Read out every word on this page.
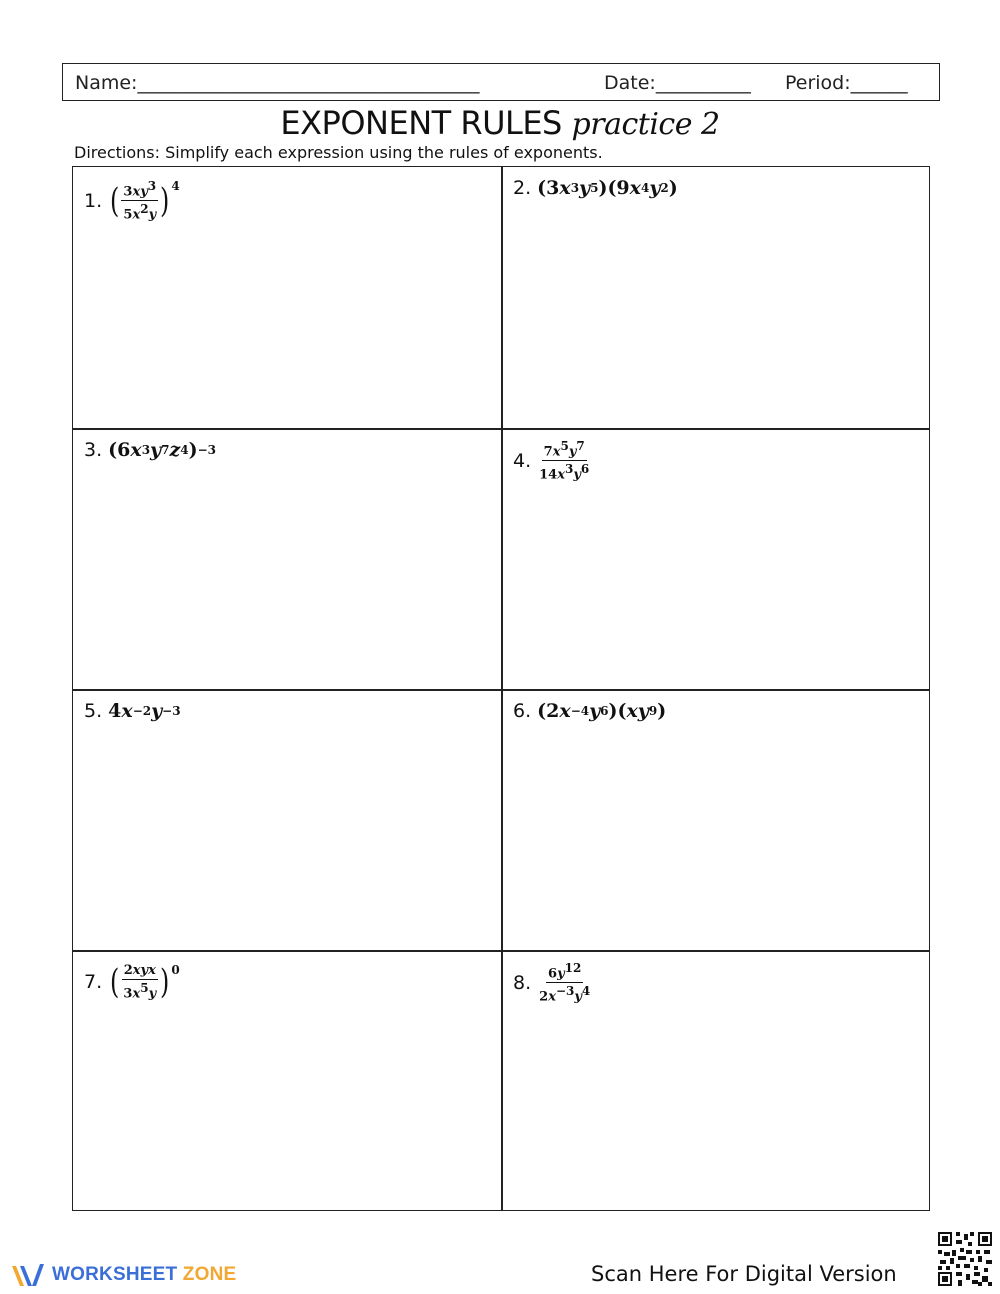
Name:____________________________________	Date:__________ Period:______
EXPONENT RULES practice 2
Directions: Simplify each expression using the rules of exponents.
1. ( $\frac{3xy^3}{5x^2y} )^4$	2. (3 x 3 y 5 )(9 x 4 y 2 )
3. (6 x 3 y 7 z 4 ) −3	4. $\frac{7x^5y^7}{14x^3y^6}$
5. 4 x −2 y −3	6. (2 x −4 y 6 )( xy 9 )
7. ( $\frac{\text{2xyx}}{3x^5y} )^0$
8. $\frac{6y^{12}}{2x^{-3}y^4}$
WORKSHEET ZONE	Scan Here For Digital Version
